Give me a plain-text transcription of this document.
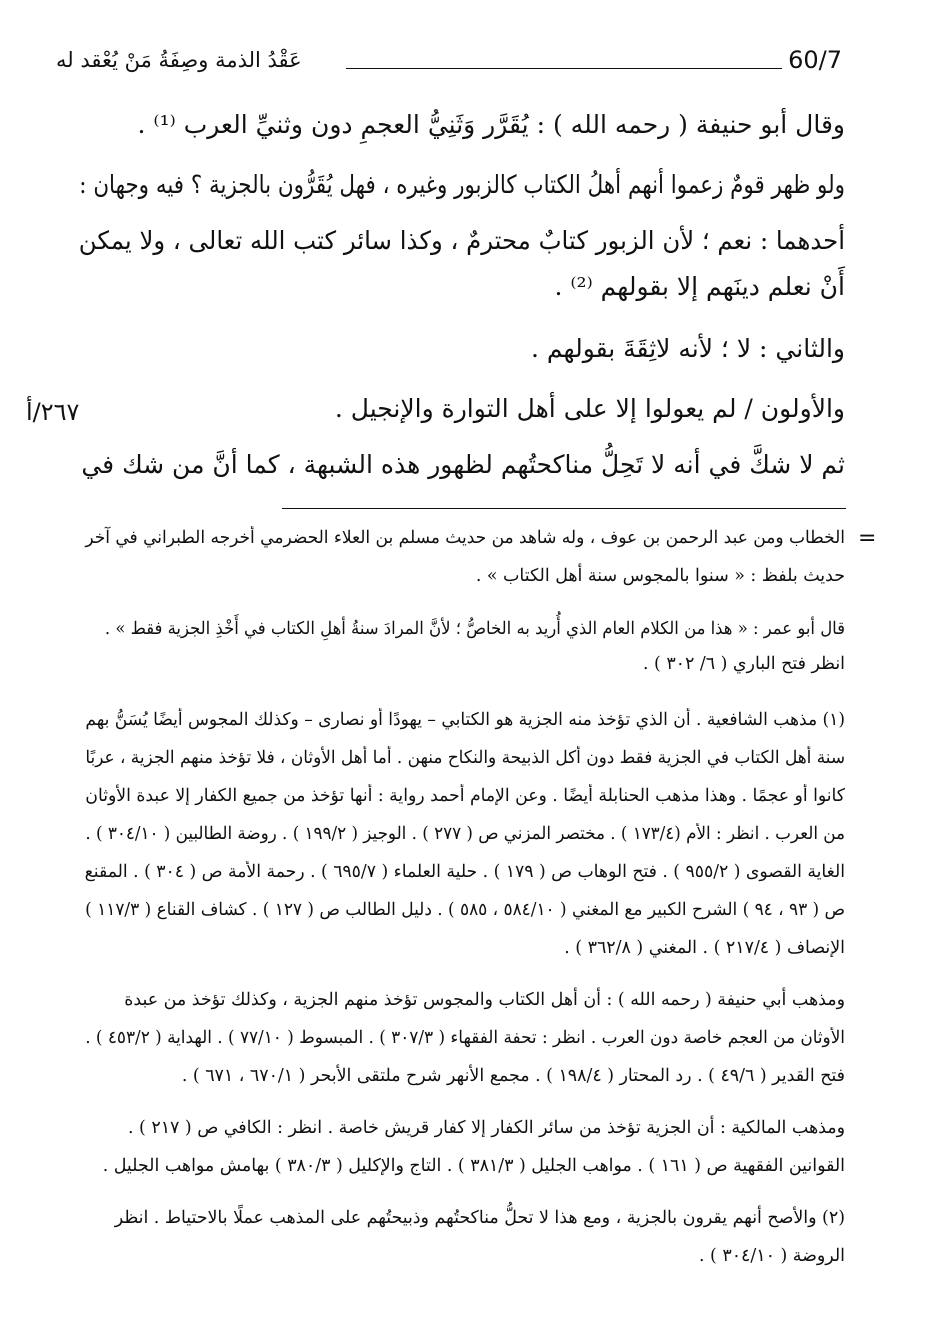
عَقْدُ الذمة وصِفَةُ مَنْ يُعْقد له	60/7
وقال أبو حنيفة ( رحمه الله ) : يُقَرَّر وَثَنِيُّ العجمِ دون وثنيِّ العرب ⁽¹⁾ .
ولو ظهر قومٌ زعموا أنهم أهلُ الكتاب كالزبور وغيره ، فهل يُقَرُّون بالجزية ؟ فيه وجهان :
أحدهما : نعم ؛ لأن الزبور كتابٌ محترمٌ ، وكذا سائر كتب الله تعالى ، ولا يمكن
أَنْ نعلم دينَهم إلا بقولهم ⁽²⁾ .
والثاني : لا ؛ لأنه لاثِقَةَ بقولهم .
والأولون / لم يعولوا إلا على أهل التوارة والإنجيل .
ثم لا شكَّ في أنه لا تَحِلُّ مناكحتُهم لظهور هذه الشبهة ، كما أنَّ من شك في
٢٦٧/أ
=
الخطاب ومن عبد الرحمن بن عوف ، وله شاهد من حديث مسلم بن العلاء الحضرمي أخرجه الطبراني في آخر
حديث بلفظ : « سنوا بالمجوس سنة أهل الكتاب » .
قال أبو عمر : « هذا من الكلام العام الذي أُريد به الخاصُّ ؛ لأنَّ المرادَ سنةُ أهلِ الكتاب في أَخْذِ الجزية فقط » .
انظر فتح الباري ( ٦/ ٣٠٢ ) .
(١) مذهب الشافعية . أن الذي تؤخذ منه الجزية هو الكتابي – يهودًا أو نصارى – وكذلك المجوس أيضًا يُسَنُّ بهم
سنة أهل الكتاب في الجزية فقط دون أكل الذبيحة والنكاح منهن . أما أهل الأوثان ، فلا تؤخذ منهم الجزية ، عربًا
كانوا أو عجمًا . وهذا مذهب الحنابلة أيضًا . وعن الإمام أحمد رواية : أنها تؤخذ من جميع الكفار إلا عبدة الأوثان
من العرب . انظر : الأم (١٧٣/٤ ) . مختصر المزني ص ( ٢٧٧ ) . الوجيز ( ١٩٩/٢ ) . روضة الطالبين ( ٣٠٤/١٠ ) .
الغاية القصوى ( ٩٥٥/٢ ) . فتح الوهاب ص ( ١٧٩ ) . حلية العلماء ( ٦٩٥/٧ ) . رحمة الأمة ص ( ٣٠٤ ) . المقنع
ص ( ٩٣ ، ٩٤ ) الشرح الكبير مع المغني ( ٥٨٤/١٠ ، ٥٨٥ ) . دليل الطالب ص ( ١٢٧ ) . كشاف القناع ( ١١٧/٣ )
الإنصاف ( ٢١٧/٤ ) . المغني ( ٣٦٢/٨ ) .
ومذهب أبي حنيفة ( رحمه الله ) : أن أهل الكتاب والمجوس تؤخذ منهم الجزية ، وكذلك تؤخذ من عبدة
الأوثان من العجم خاصة دون العرب . انظر : تحفة الفقهاء ( ٣٠٧/٣ ) . المبسوط ( ٧٧/١٠ ) . الهداية ( ٤٥٣/٢ ) .
فتح القدير ( ٤٩/٦ ) . رد المحتار ( ١٩٨/٤ ) . مجمع الأنهر شرح ملتقى الأبحر ( ٦٧٠/١ ، ٦٧١ ) .
ومذهب المالكية : أن الجزية تؤخذ من سائر الكفار إلا كفار قريش خاصة . انظر : الكافي ص ( ٢١٧ ) .
القوانين الفقهية ص ( ١٦١ ) . مواهب الجليل ( ٣٨١/٣ ) . التاج والإكليل ( ٣٨٠/٣ ) بهامش مواهب الجليل .
(٢) والأصح أنهم يقرون بالجزية ، ومع هذا لا تحلُّ مناكحتُهم وذبيحتُهم على المذهب عملًا بالاحتياط . انظر
الروضة ( ٣٠٤/١٠ ) .
